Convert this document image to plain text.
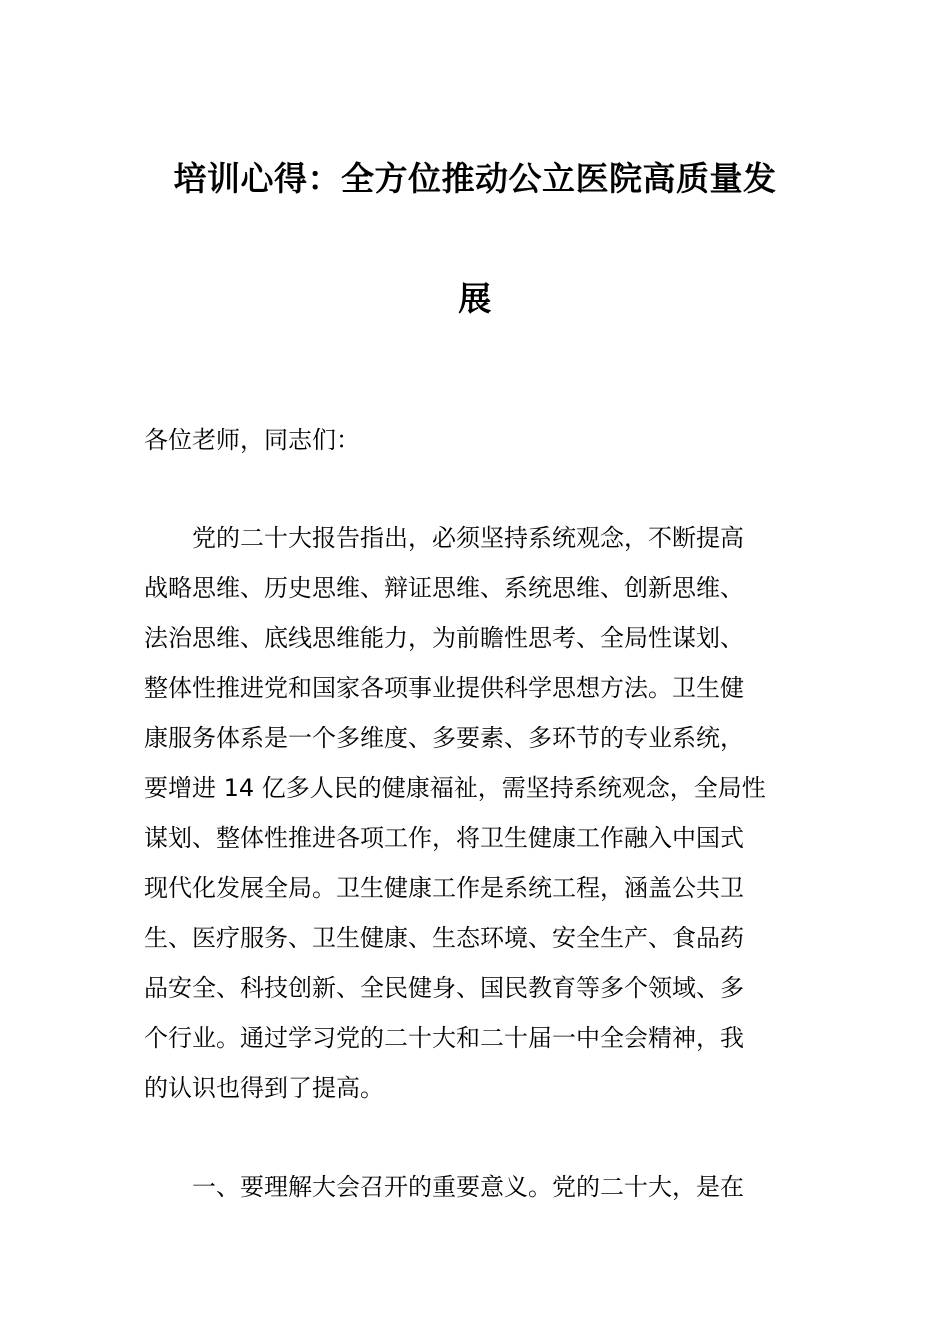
培训心得：全方位推动公立医院高质量发
展
各位老师，同志们：
党的二十大报告指出，必须坚持系统观念，不断提高
战略思维、历史思维、辩证思维、系统思维、创新思维、
法治思维、底线思维能力，为前瞻性思考、全局性谋划、
整体性推进党和国家各项事业提供科学思想方法。卫生健
康服务体系是一个多维度、多要素、多环节的专业系统，
要增进 14 亿多人民的健康福祉，需坚持系统观念，全局性
谋划、整体性推进各项工作，将卫生健康工作融入中国式
现代化发展全局。卫生健康工作是系统工程，涵盖公共卫
生、医疗服务、卫生健康、生态环境、安全生产、食品药
品安全、科技创新、全民健身、国民教育等多个领域、多
个行业。通过学习党的二十大和二十届一中全会精神，我
的认识也得到了提高。
一、要理解大会召开的重要意义。党的二十大，是在
